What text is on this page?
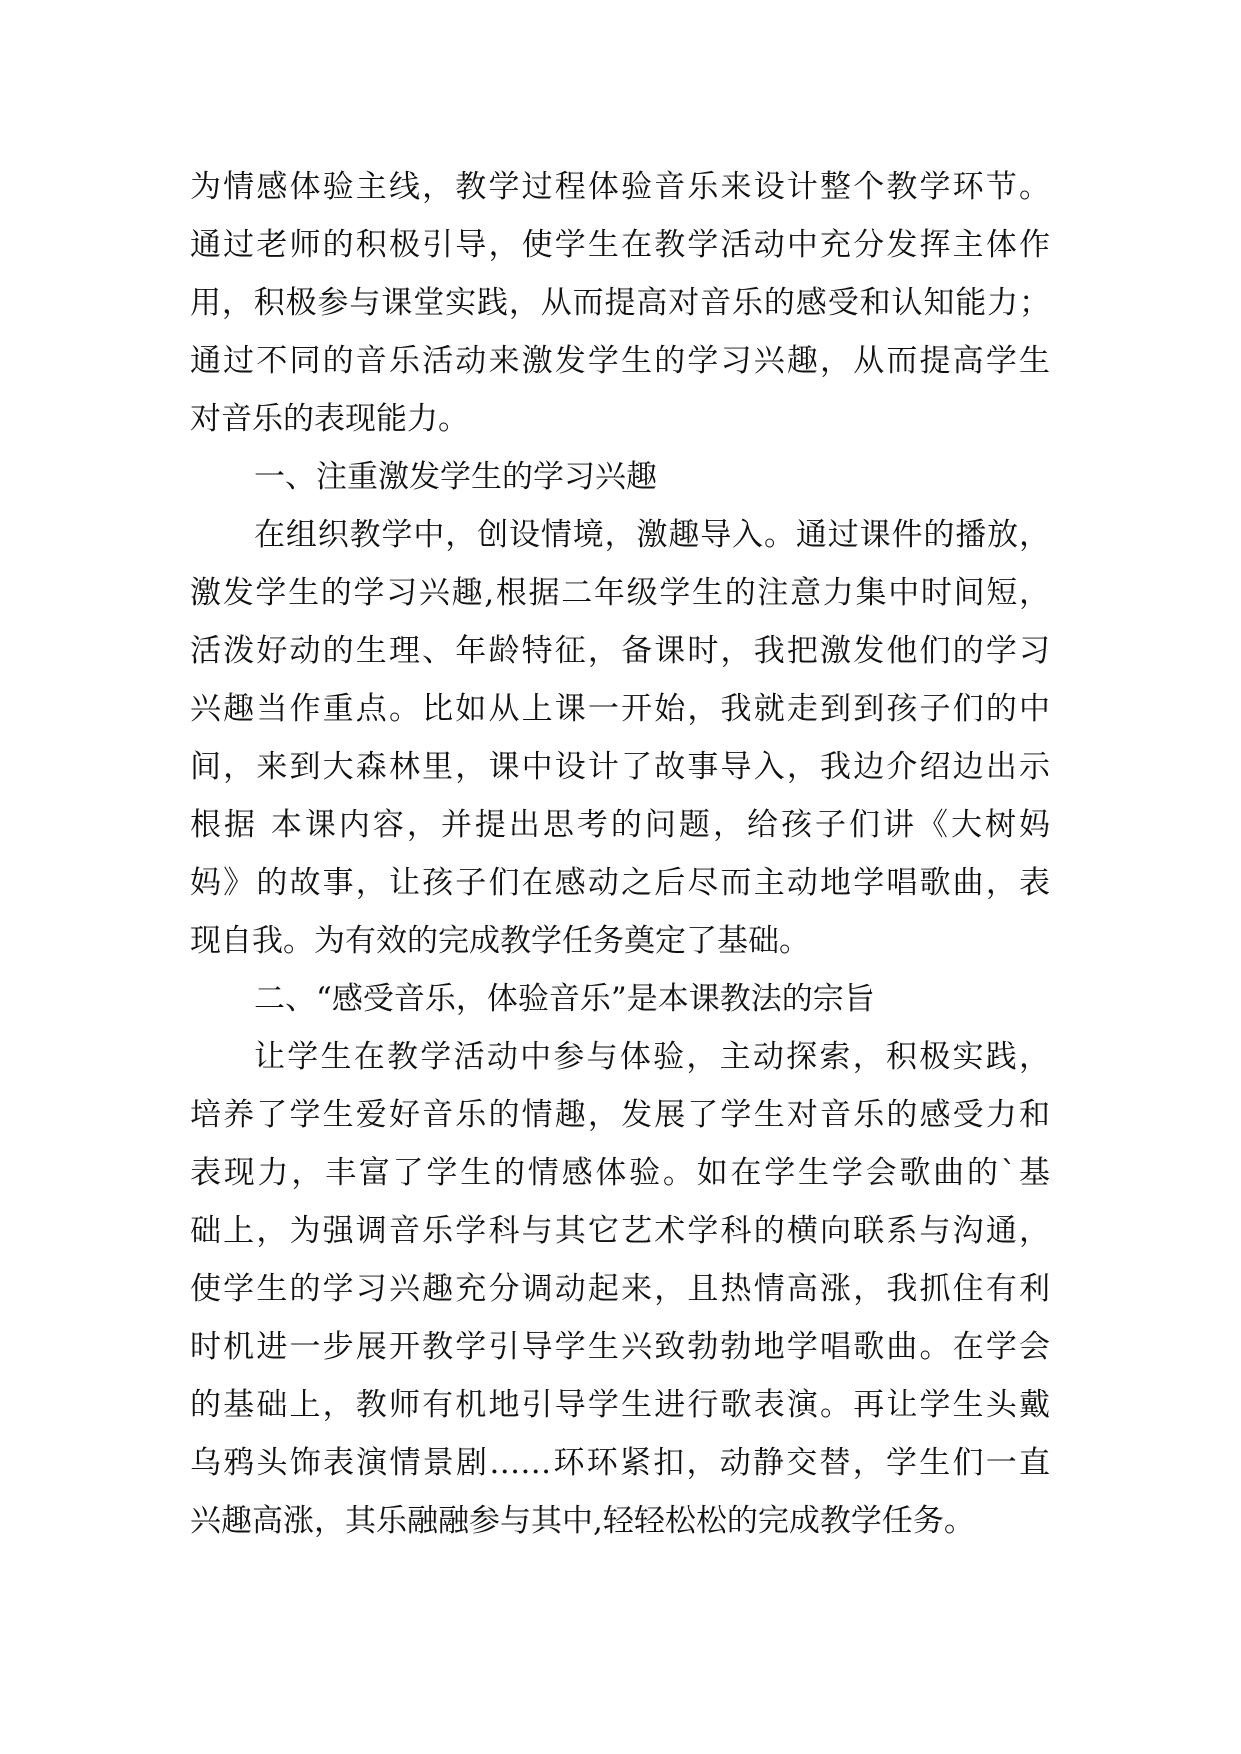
为情感体验主线，教学过程体验音乐来设计整个教学环节。
通过老师的积极引导，使学生在教学活动中充分发挥主体作
用，积极参与课堂实践，从而提高对音乐的感受和认知能力；
通过不同的音乐活动来激发学生的学习兴趣，从而提高学生
对音乐的表现能力。
一、注重激发学生的学习兴趣
在组织教学中，创设情境，激趣导入。通过课件的播放，
激发学生的学习兴趣,根据二年级学生的注意力集中时间短，
活泼好动的生理、年龄特征，备课时，我把激发他们的学习
兴趣当作重点。比如从上课一开始，我就走到到孩子们的中
间，来到大森林里，课中设计了故事导入，我边介绍边出示
根据 本课内容，并提出思考的问题，给孩子们讲《大树妈
妈》的故事，让孩子们在感动之后尽而主动地学唱歌曲，表
现自我。为有效的完成教学任务奠定了基础。
二、“感受音乐，体验音乐”是本课教法的宗旨
让学生在教学活动中参与体验，主动探索，积极实践，
培养了学生爱好音乐的情趣，发展了学生对音乐的感受力和
表现力，丰富了学生的情感体验。如在学生学会歌曲的`基
础上，为强调音乐学科与其它艺术学科的横向联系与沟通，
使学生的学习兴趣充分调动起来，且热情高涨，我抓住有利
时机进一步展开教学引导学生兴致勃勃地学唱歌曲。在学会
的基础上，教师有机地引导学生进行歌表演。再让学生头戴
乌鸦头饰表演情景剧……环环紧扣，动静交替，学生们一直
兴趣高涨，其乐融融参与其中,轻轻松松的完成教学任务。
